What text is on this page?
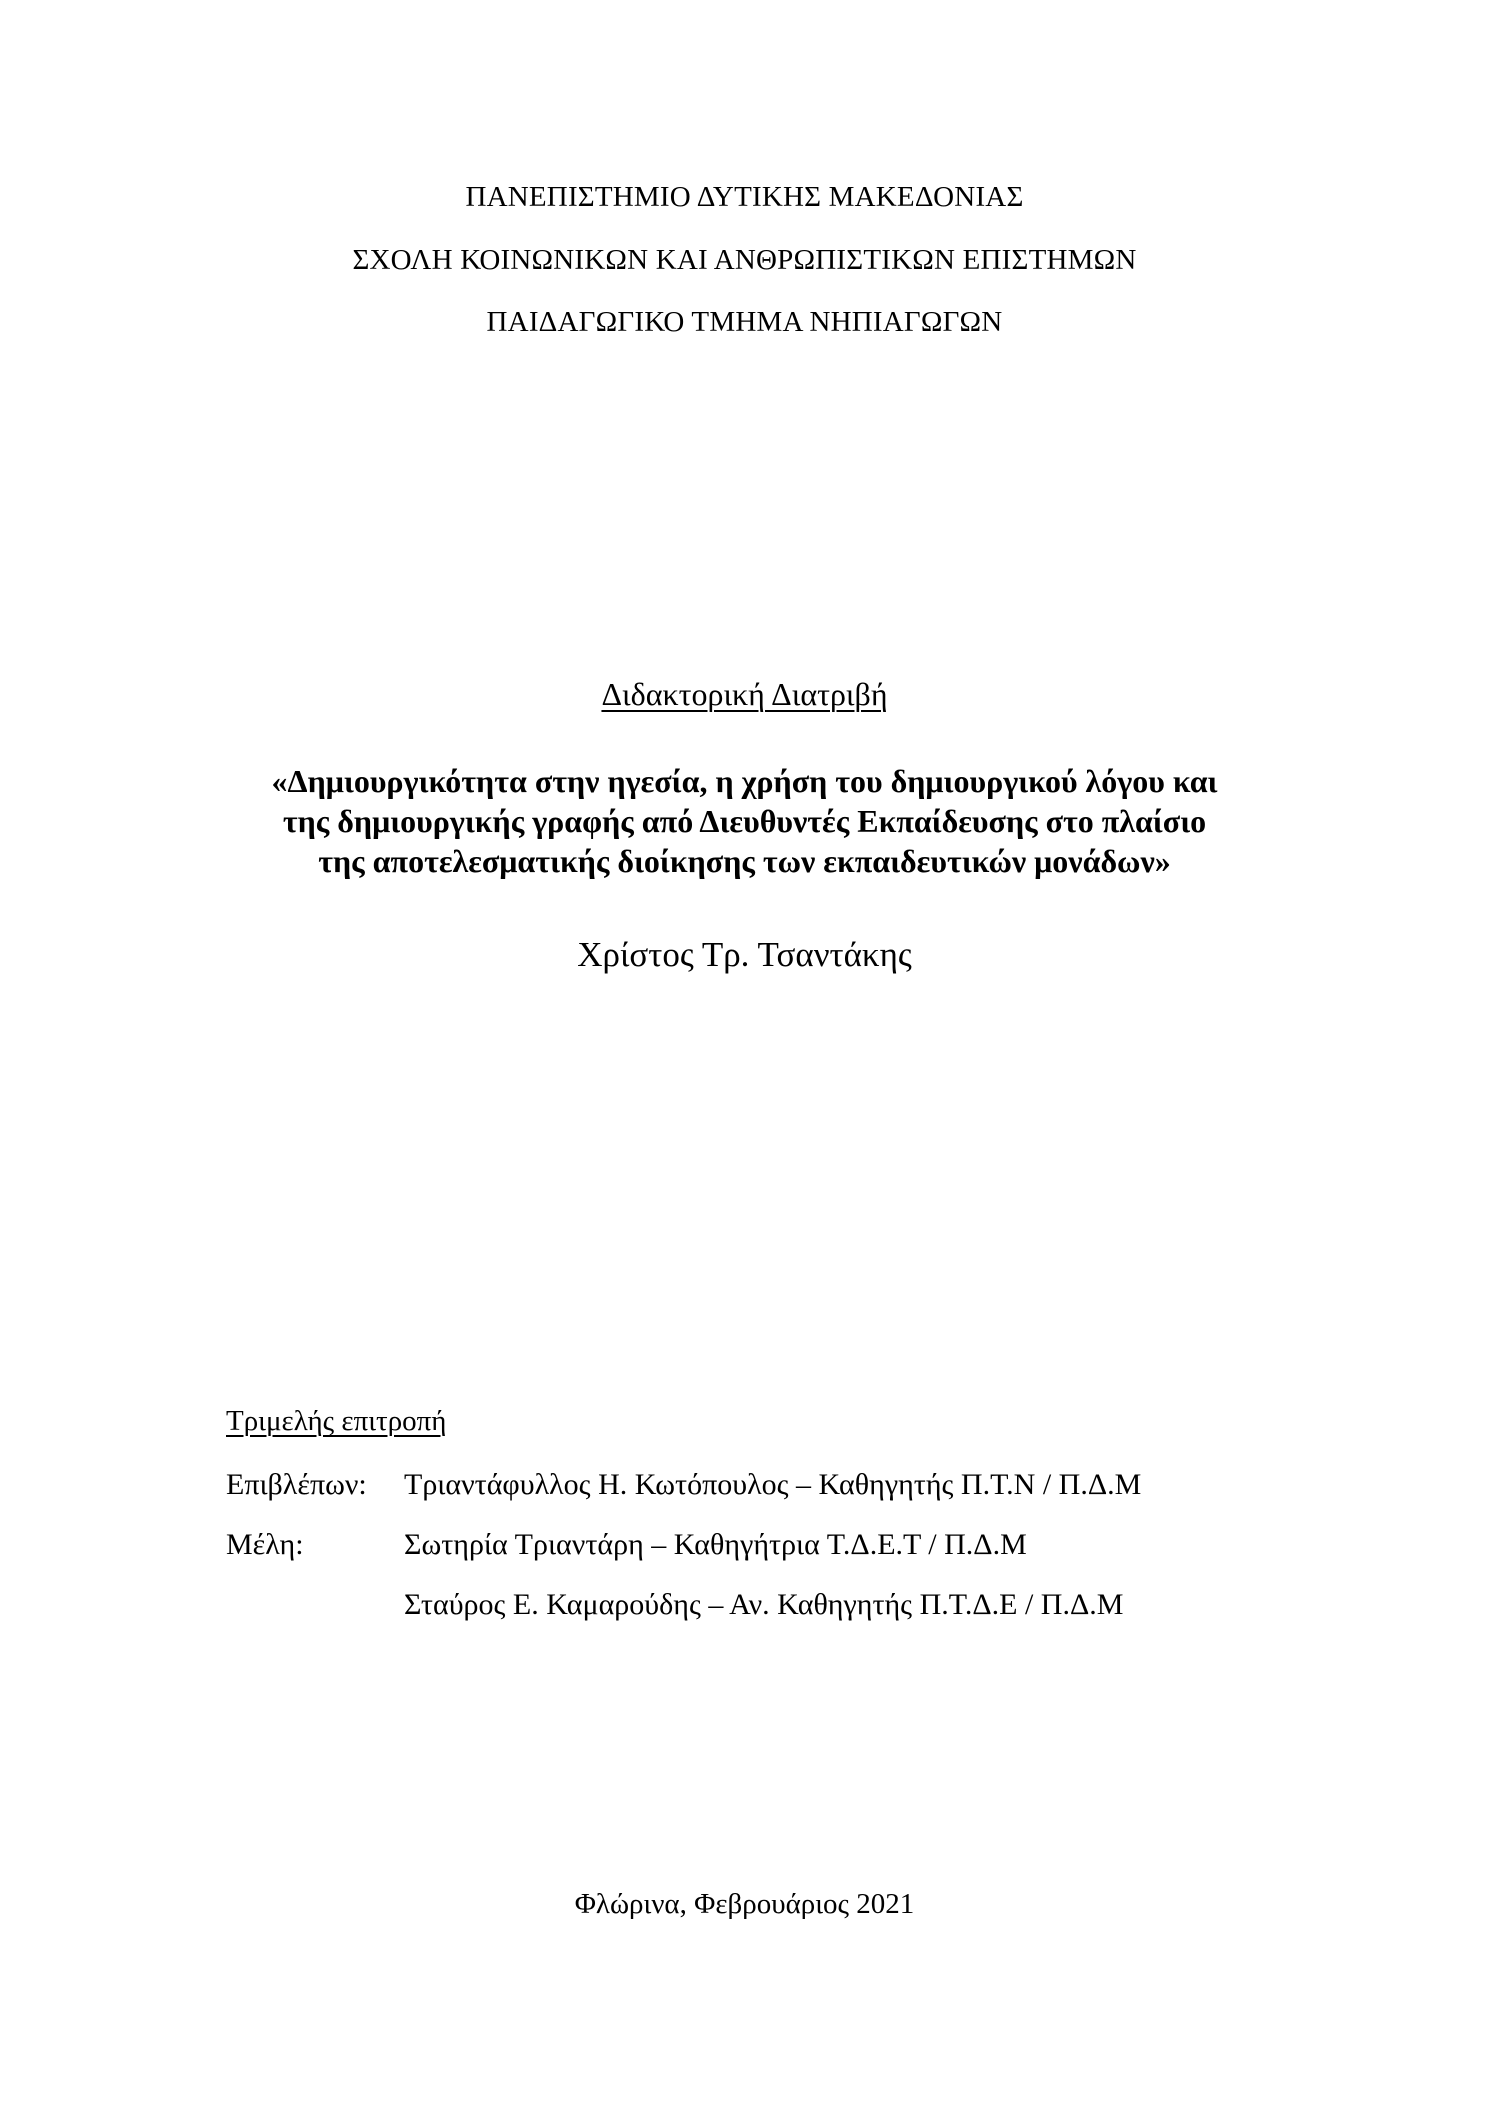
ΠΑΝΕΠΙΣΤΗΜΙΟ ΔΥΤΙΚΗΣ ΜΑΚΕΔΟΝΙΑΣ
ΣΧΟΛΗ ΚΟΙΝΩΝΙΚΩΝ ΚΑΙ ΑΝΘΡΩΠΙΣΤΙΚΩΝ ΕΠΙΣΤΗΜΩΝ
ΠΑΙΔΑΓΩΓΙΚΟ ΤΜΗΜΑ ΝΗΠΙΑΓΩΓΩΝ
Διδακτορική Διατριβή
«Δημιουργικότητα στην ηγεσία, η χρήση του δημιουργικού λόγου και
της δημιουργικής γραφής από Διευθυντές Εκπαίδευσης στο πλαίσιο
της αποτελεσματικής διοίκησης των εκπαιδευτικών μονάδων»
Χρίστος Τρ. Τσαντάκης
Τριμελής επιτροπή
Επιβλέπων: Τριαντάφυλλος Η. Κωτόπουλος – Καθηγητής Π.Τ.Ν / Π.Δ.Μ
Μέλη:	Σωτηρία Τριαντάρη – Καθηγήτρια Τ.Δ.Ε.Τ / Π.Δ.Μ
Σταύρος Ε. Καμαρούδης – Αν. Καθηγητής Π.Τ.Δ.Ε / Π.Δ.Μ
Φλώρινα, Φεβρουάριος 2021
